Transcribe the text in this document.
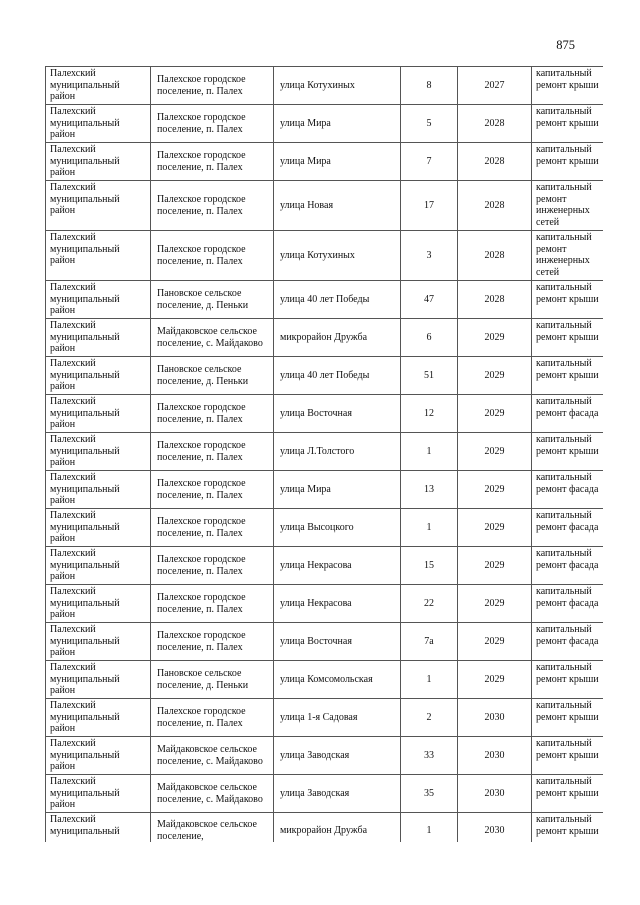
875
Палехский муниципальный район	Палехское городское поселение, п. Палех	улица Котухиных	8	2027	капитальный ремонт крыши
Палехский муниципальный район	Палехское городское поселение, п. Палех	улица Мира	5	2028	капитальный ремонт крыши
Палехский муниципальный район	Палехское городское поселение, п. Палех	улица Мира	7	2028	капитальный ремонт крыши
Палехский муниципальный район	Палехское городское поселение, п. Палех	улица Новая	17	2028	капитальный ремонт инженерных сетей
Палехский муниципальный район	Палехское городское поселение, п. Палех	улица Котухиных	3	2028	капитальный ремонт инженерных сетей
Палехский муниципальный район	Пановское сельское поселение, д. Пеньки	улица 40 лет Победы	47	2028	капитальный ремонт крыши
Палехский муниципальный район	Майдаковское сельское поселение, с. Майдаково	микрорайон Дружба	6	2029	капитальный ремонт крыши
Палехский муниципальный район	Пановское сельское поселение, д. Пеньки	улица 40 лет Победы	51	2029	капитальный ремонт крыши
Палехский муниципальный район	Палехское городское поселение, п. Палех	улица Восточная	12	2029	капитальный ремонт фасада
Палехский муниципальный район	Палехское городское поселение, п. Палех	улица Л.Толстого	1	2029	капитальный ремонт крыши
Палехский муниципальный район	Палехское городское поселение, п. Палех	улица Мира	13	2029	капитальный ремонт фасада
Палехский муниципальный район	Палехское городское поселение, п. Палех	улица Высоцкого	1	2029	капитальный ремонт фасада
Палехский муниципальный район	Палехское городское поселение, п. Палех	улица Некрасова	15	2029	капитальный ремонт фасада
Палехский муниципальный район	Палехское городское поселение, п. Палех	улица Некрасова	22	2029	капитальный ремонт фасада
Палехский муниципальный район	Палехское городское поселение, п. Палех	улица Восточная	7а	2029	капитальный ремонт фасада
Палехский муниципальный район	Пановское сельское поселение, д. Пеньки	улица Комсомольская	1	2029	капитальный ремонт крыши
Палехский муниципальный район	Палехское городское поселение, п. Палех	улица 1-я Садовая	2	2030	капитальный ремонт крыши
Палехский муниципальный район	Майдаковское сельское поселение, с. Майдаково	улица Заводская	33	2030	капитальный ремонт крыши
Палехский муниципальный район	Майдаковское сельское поселение, с. Майдаково	улица Заводская	35	2030	капитальный ремонт крыши
Палехский муниципальный	Майдаковское сельское поселение,	микрорайон Дружба	1	2030	капитальный ремонт крыши
